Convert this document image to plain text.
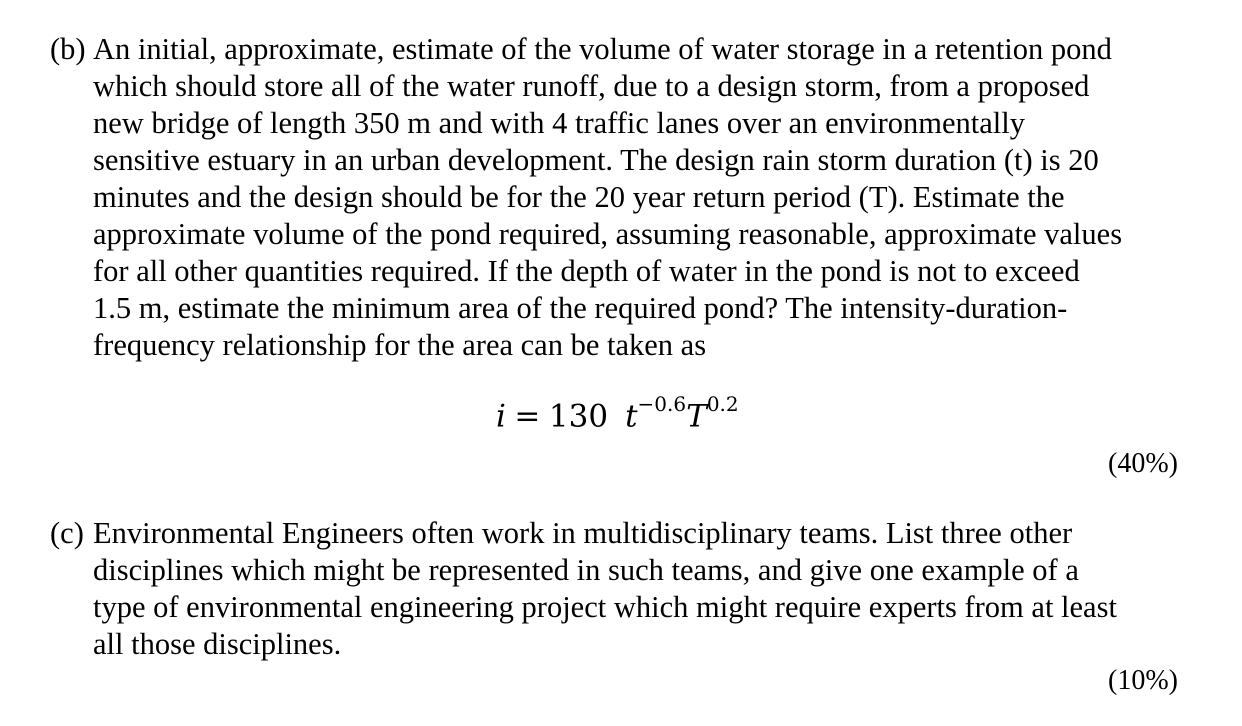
(b) An initial, approximate, estimate of the volume of water storage in a retention pond
which should store all of the water runoff, due to a design storm, from a proposed
new bridge of length 350 m and with 4 traffic lanes over an environmentally
sensitive estuary in an urban development. The design rain storm duration (t) is 20
minutes and the design should be for the 20 year return period (T). Estimate the
approximate volume of the pond required, assuming reasonable, approximate values
for all other quantities required. If the depth of water in the pond is not to exceed
1.5 m, estimate the minimum area of the required pond? The intensity-duration-
frequency relationship for the area can be taken as
i = 130 $t^{-0.6}T^{0.2}$
(40%)
(c) Environmental Engineers often work in multidisciplinary teams. List three other
disciplines which might be represented in such teams, and give one example of a
type of environmental engineering project which might require experts from at least
all those disciplines.
(10%)
